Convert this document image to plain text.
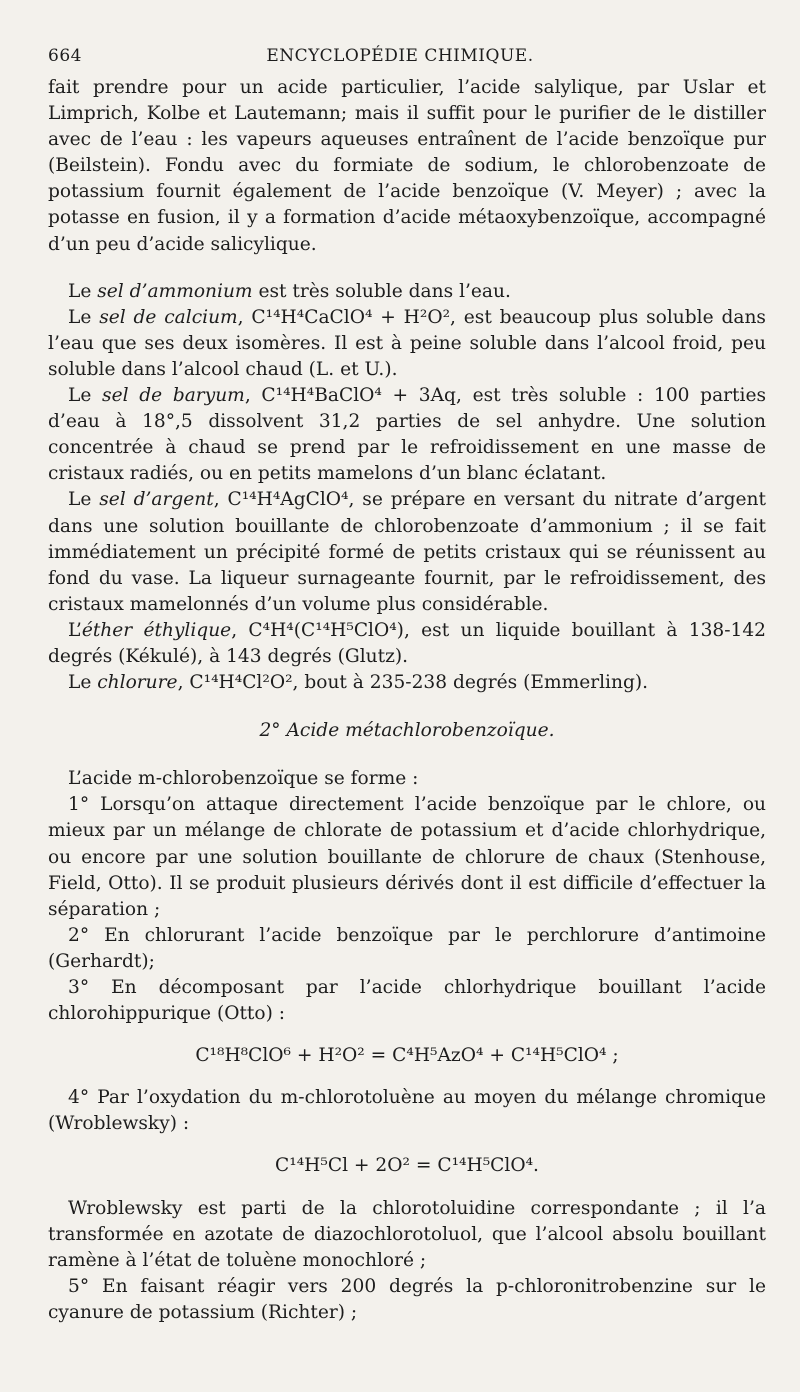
664	ENCYCLOPÉDIE CHIMIQUE.

fait prendre pour un acide particulier, l’acide salylique, par Uslar et Limprich, Kolbe et Lautemann; mais il suffit pour le purifier de le distiller avec de l’eau : les vapeurs aqueuses entraînent de l’acide benzoïque pur (Beilstein). Fondu avec du formiate de sodium, le chlorobenzoate de potassium fournit également de l’acide benzoïque (V. Meyer) ; avec la potasse en fusion, il y a formation d’acide métaoxybenzoïque, accompagné d’un peu d’acide salicylique.

Le sel d’ammonium est très soluble dans l’eau.

Le sel de calcium, C¹⁴H⁴CaClO⁴ + H²O², est beaucoup plus soluble dans l’eau que ses deux isomères. Il est à peine soluble dans l’alcool froid, peu soluble dans l’alcool chaud (L. et U.).

Le sel de baryum, C¹⁴H⁴BaClO⁴ + 3Aq, est très soluble : 100 parties d’eau à 18°,5 dissolvent 31,2 parties de sel anhydre. Une solution concentrée à chaud se prend par le refroidissement en une masse de cristaux radiés, ou en petits mamelons d’un blanc éclatant.

Le sel d’argent, C¹⁴H⁴AgClO⁴, se prépare en versant du nitrate d’argent dans une solution bouillante de chlorobenzoate d’ammonium ; il se fait immédiatement un précipité formé de petits cristaux qui se réunissent au fond du vase. La liqueur surnageante fournit, par le refroidissement, des cristaux mamelonnés d’un volume plus considérable.

L’éther éthylique, C⁴H⁴(C¹⁴H⁵ClO⁴), est un liquide bouillant à 138-142 degrés (Kékulé), à 143 degrés (Glutz).

Le chlorure, C¹⁴H⁴Cl²O², bout à 235-238 degrés (Emmerling).

2° Acide métachlorobenzoïque.

L’acide m-chlorobenzoïque se forme :

1° Lorsqu’on attaque directement l’acide benzoïque par le chlore, ou mieux par un mélange de chlorate de potassium et d’acide chlorhydrique, ou encore par une solution bouillante de chlorure de chaux (Stenhouse, Field, Otto). Il se produit plusieurs dérivés dont il est difficile d’effectuer la séparation ;

2° En chlorurant l’acide benzoïque par le perchlorure d’antimoine (Gerhardt);

3° En décomposant par l’acide chlorhydrique bouillant l’acide chlorohippurique (Otto) :

C¹⁸H⁸ClO⁶ + H²O² = C⁴H⁵AzO⁴ + C¹⁴H⁵ClO⁴ ;

4° Par l’oxydation du m-chlorotoluène au moyen du mélange chromique (Wroblewsky) :

C¹⁴H⁵Cl + 2O² = C¹⁴H⁵ClO⁴.

Wroblewsky est parti de la chlorotoluidine correspondante ; il l’a transformée en azotate de diazochlorotoluol, que l’alcool absolu bouillant ramène à l’état de toluène monochloré ;

5° En faisant réagir vers 200 degrés la p-chloronitrobenzine sur le cyanure de potassium (Richter) ;
